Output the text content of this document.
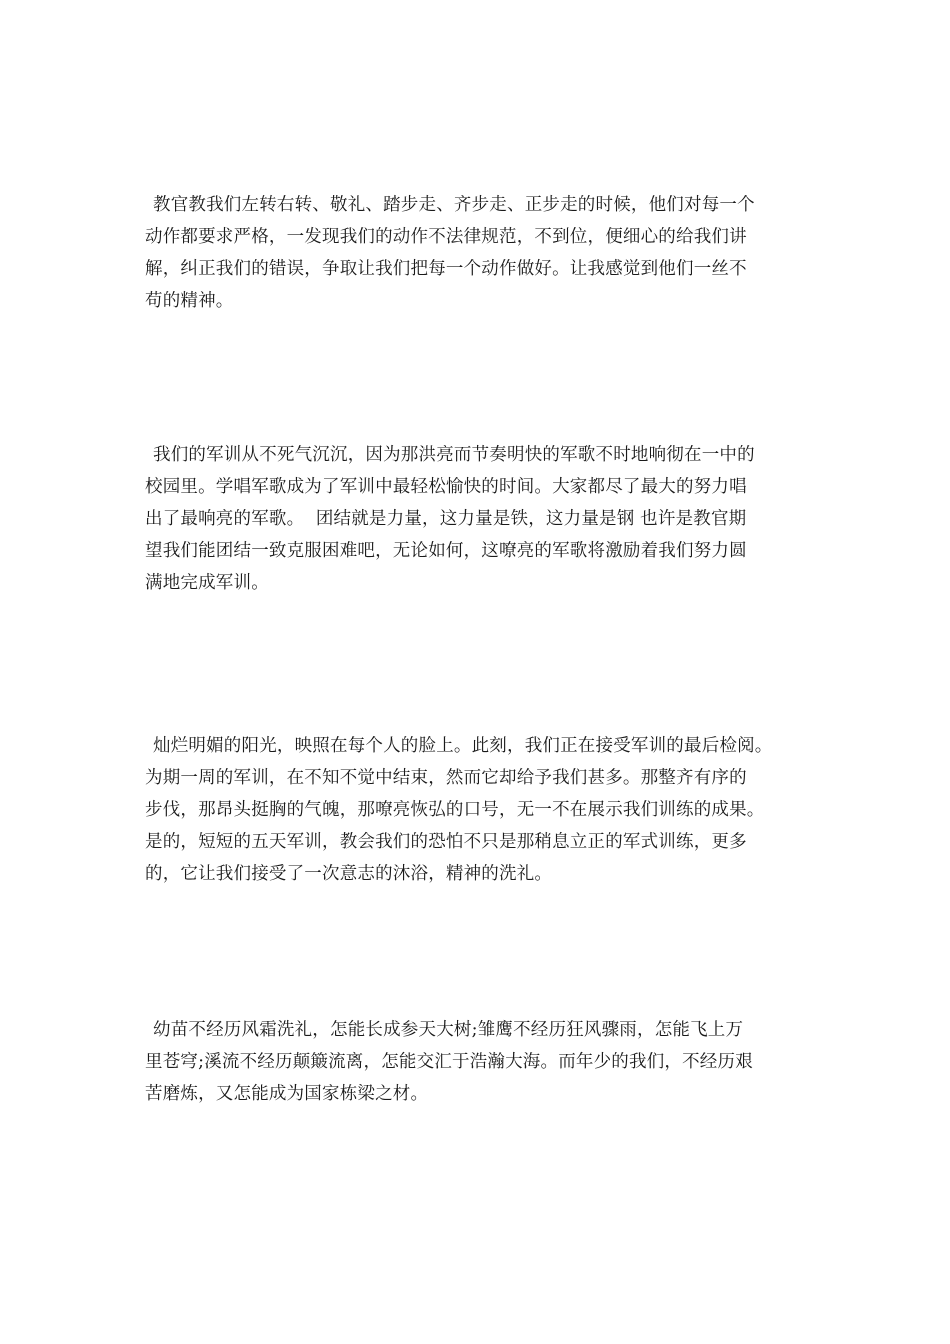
教官教我们左转右转、敬礼、踏步走、齐步走、正步走的时候，他们对每一个
动作都要求严格，一发现我们的动作不法律规范，不到位，便细心的给我们讲
解，纠正我们的错误，争取让我们把每一个动作做好。让我感觉到他们一丝不
苟的精神。
我们的军训从不死气沉沉，因为那洪亮而节奏明快的军歌不时地响彻在一中的
校园里。学唱军歌成为了军训中最轻松愉快的时间。大家都尽了最大的努力唱
出了最响亮的军歌。  团结就是力量，这力量是铁，这力量是钢 也许是教官期
望我们能团结一致克服困难吧，无论如何，这嘹亮的军歌将激励着我们努力圆
满地完成军训。
灿烂明媚的阳光，映照在每个人的脸上。此刻，我们正在接受军训的最后检阅。
为期一周的军训，在不知不觉中结束，然而它却给予我们甚多。那整齐有序的
步伐，那昂头挺胸的气魄，那嘹亮恢弘的口号，无一不在展示我们训练的成果。
是的，短短的五天军训，教会我们的恐怕不只是那稍息立正的军式训练，更多
的，它让我们接受了一次意志的沐浴，精神的洗礼。
幼苗不经历风霜洗礼，怎能长成参天大树;雏鹰不经历狂风骤雨，怎能飞上万
里苍穹;溪流不经历颠簸流离，怎能交汇于浩瀚大海。而年少的我们，不经历艰
苦磨炼，又怎能成为国家栋梁之材。
